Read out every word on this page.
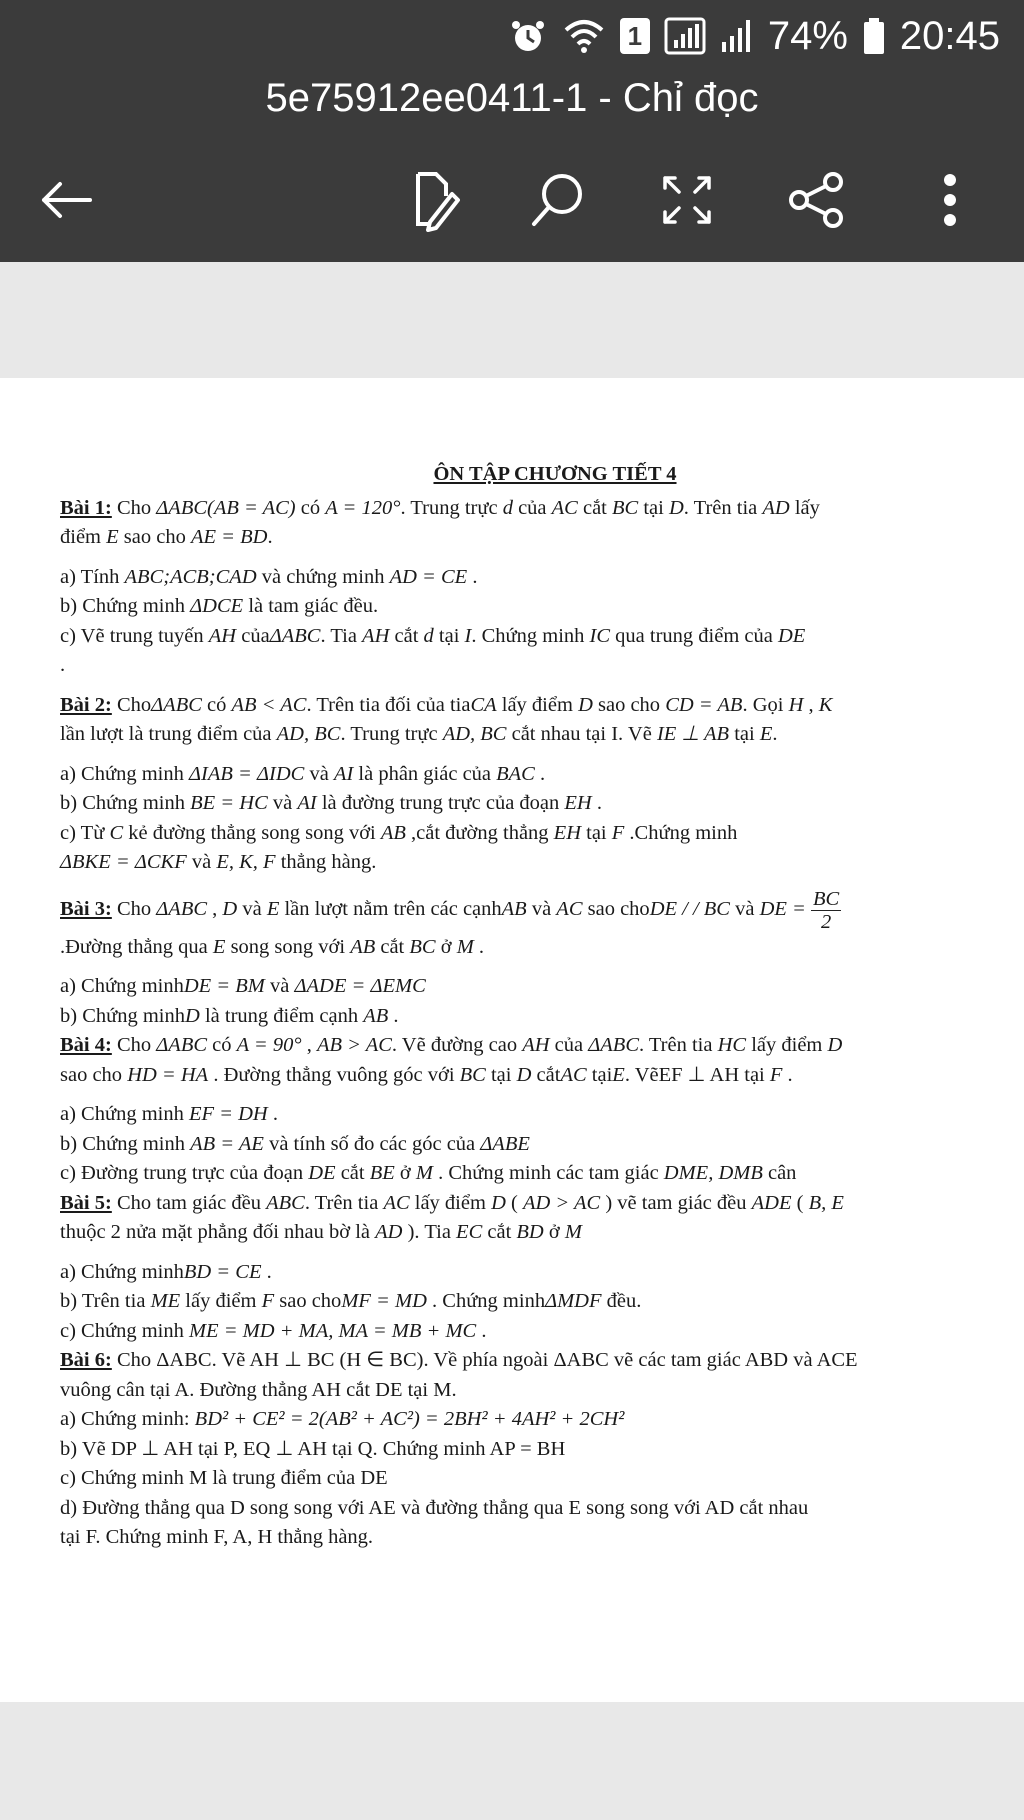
1	74% 20:45
5e75912ee0411-1 - Chỉ đọc
ÔN TẬP CHƯƠNG TIẾT 4
Bài 1: Cho ΔABC(AB = AC) có A = 120°. Trung trực d của AC cắt BC tại D. Trên tia AD lấy
điểm E sao cho AE = BD.
a) Tính ABC;ACB;CAD và chứng minh AD = CE .
b) Chứng minh ΔDCE là tam giác đều.
c) Vẽ trung tuyến AH củaΔABC. Tia AH cắt d tại I. Chứng minh IC qua trung điểm của DE
.
Bài 2: ChoΔABC có AB < AC. Trên tia đối của tiaCA lấy điểm D sao cho CD = AB. Gọi H , K
lần lượt là trung điểm của AD, BC. Trung trực AD, BC cắt nhau tại I. Vẽ IE ⊥ AB tại E.
a) Chứng minh ΔIAB = ΔIDC và AI là phân giác của BAC .
b) Chứng minh BE = HC và AI là đường trung trực của đoạn EH .
c) Từ C kẻ đường thẳng song song với AB ,cắt đường thẳng EH tại F .Chứng minh
ΔBKE = ΔCKF và E, K, F thẳng hàng.
Bài 3: Cho ΔABC , D và E lần lượt nằm trên các cạnhAB và AC sao choDE / / BC và DE = $\frac{BC}{2}$
.Đường thẳng qua E song song với AB cắt BC ở M .
a) Chứng minhDE = BM và ΔADE = ΔEMC
b) Chứng minhD là trung điểm cạnh AB .
Bài 4: Cho ΔABC có A = 90° , AB > AC. Vẽ đường cao AH của ΔABC. Trên tia HC lấy điểm D
sao cho HD = HA . Đường thẳng vuông góc với BC tại D cắtAC tạiE. VẽEF ⊥ AH tại F .
a) Chứng minh EF = DH .
b) Chứng minh AB = AE và tính số đo các góc của ΔABE
c) Đường trung trực của đoạn DE cắt BE ở M . Chứng minh các tam giác DME, DMB cân
Bài 5: Cho tam giác đều ABC. Trên tia AC lấy điểm D ( AD > AC ) vẽ tam giác đều ADE ( B, E
thuộc 2 nửa mặt phẳng đối nhau bờ là AD ). Tia EC cắt BD ở M
a) Chứng minhBD = CE .
b) Trên tia ME lấy điểm F sao choMF = MD . Chứng minhΔMDF đều.
c) Chứng minh ME = MD + MA, MA = MB + MC .
Bài 6: Cho ΔABC. Vẽ AH ⊥ BC (H ∈ BC). Về phía ngoài ΔABC vẽ các tam giác ABD và ACE
vuông cân tại A. Đường thẳng AH cắt DE tại M.
a) Chứng minh: BD² + CE² = 2(AB² + AC²) = 2BH² + 4AH² + 2CH²
b) Vẽ DP ⊥ AH tại P, EQ ⊥ AH tại Q. Chứng minh AP = BH
c) Chứng minh M là trung điểm của DE
d) Đường thẳng qua D song song với AE và đường thẳng qua E song song với AD cắt nhau
tại F. Chứng minh F, A, H thẳng hàng.
